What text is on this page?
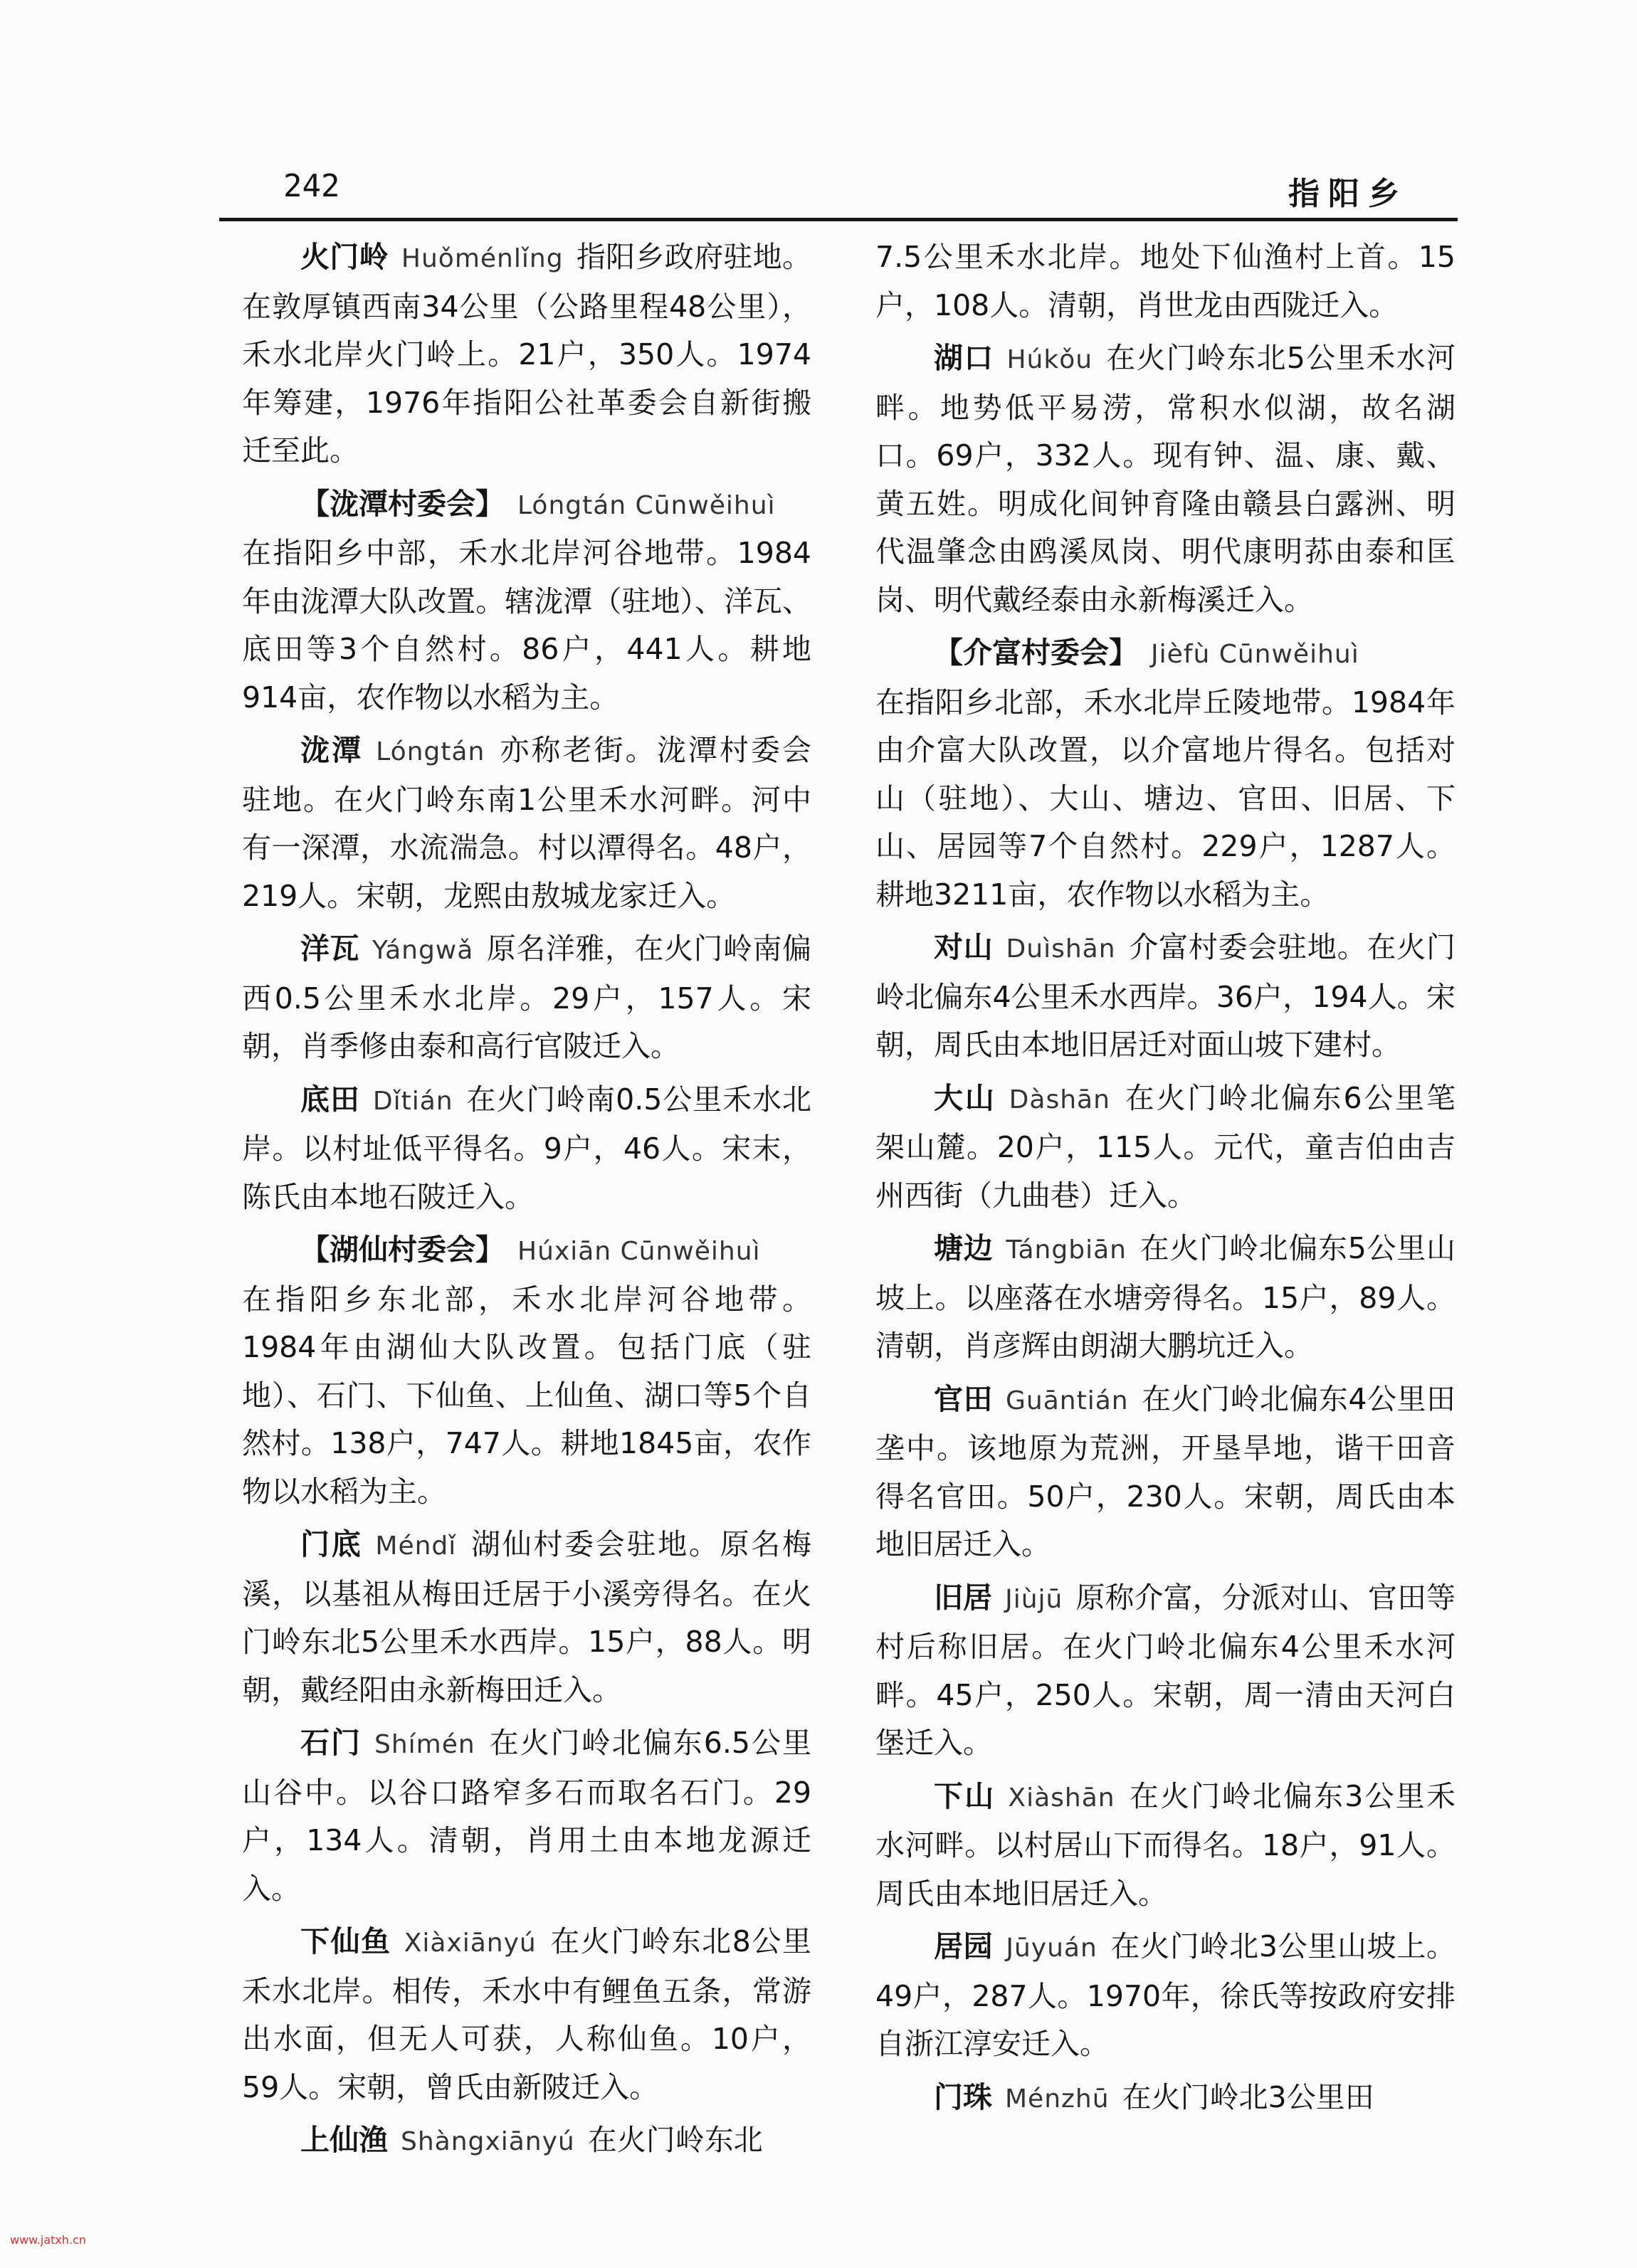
242	指阳乡

火门岭 Huǒménlǐng 指阳乡政府驻地。在敦厚镇西南34公里（公路里程48公里），禾水北岸火门岭上。21户，350人。1974年筹建，1976年指阳公社革委会自新街搬迁至此。

【泷潭村委会】 Lóngtán Cūnwěihuì

在指阳乡中部，禾水北岸河谷地带。1984年由泷潭大队改置。辖泷潭（驻地）、洋瓦、底田等3个自然村。86户，441人。耕地914亩，农作物以水稻为主。

泷潭 Lóngtán 亦称老街。泷潭村委会驻地。在火门岭东南1公里禾水河畔。河中有一深潭，水流湍急。村以潭得名。48户，219人。宋朝，龙熙由敖城龙家迁入。

洋瓦 Yángwǎ 原名洋雅，在火门岭南偏西0.5公里禾水北岸。29户，157人。宋朝，肖季修由泰和高行官陂迁入。

底田 Dǐtián 在火门岭南0.5公里禾水北岸。以村址低平得名。9户，46人。宋末，陈氏由本地石陂迁入。

【湖仙村委会】 Húxiān Cūnwěihuì

在指阳乡东北部，禾水北岸河谷地带。1984年由湖仙大队改置。包括门底（驻地）、石门、下仙鱼、上仙鱼、湖口等5个自然村。138户，747人。耕地1845亩，农作物以水稻为主。

门底 Méndǐ 湖仙村委会驻地。原名梅溪，以基祖从梅田迁居于小溪旁得名。在火门岭东北5公里禾水西岸。15户，88人。明朝，戴经阳由永新梅田迁入。

石门 Shímén 在火门岭北偏东6.5公里山谷中。以谷口路窄多石而取名石门。29户，134人。清朝，肖用土由本地龙源迁入。

下仙鱼 Xiàxiānyú 在火门岭东北8公里禾水北岸。相传，禾水中有鲤鱼五条，常游出水面，但无人可获，人称仙鱼。10户，59人。宋朝，曾氏由新陂迁入。

上仙渔 Shàngxiānyú 在火门岭东北

7.5公里禾水北岸。地处下仙渔村上首。15户，108人。清朝，肖世龙由西陇迁入。

湖口 Húkǒu 在火门岭东北5公里禾水河畔。地势低平易涝，常积水似湖，故名湖口。69户，332人。现有钟、温、康、戴、黄五姓。明成化间钟育隆由赣县白露洲、明代温肇念由鸥溪凤岗、明代康明荪由泰和匡岗、明代戴经泰由永新梅溪迁入。

【介富村委会】 Jièfù Cūnwěihuì

在指阳乡北部，禾水北岸丘陵地带。1984年由介富大队改置，以介富地片得名。包括对山（驻地）、大山、塘边、官田、旧居、下山、居园等7个自然村。229户，1287人。耕地3211亩，农作物以水稻为主。

对山 Duìshān 介富村委会驻地。在火门岭北偏东4公里禾水西岸。36户，194人。宋朝，周氏由本地旧居迁对面山坡下建村。

大山 Dàshān 在火门岭北偏东6公里笔架山麓。20户，115人。元代，童吉伯由吉州西街（九曲巷）迁入。

塘边 Tángbiān 在火门岭北偏东5公里山坡上。以座落在水塘旁得名。15户，89人。清朝，肖彦辉由朗湖大鹏坑迁入。

官田 Guāntián 在火门岭北偏东4公里田垄中。该地原为荒洲，开垦旱地，谐干田音得名官田。50户，230人。宋朝，周氏由本地旧居迁入。

旧居 Jiùjū 原称介富，分派对山、官田等村后称旧居。在火门岭北偏东4公里禾水河畔。45户，250人。宋朝，周一清由天河白堡迁入。

下山 Xiàshān 在火门岭北偏东3公里禾水河畔。以村居山下而得名。18户，91人。周氏由本地旧居迁入。

居园 Jūyuán 在火门岭北3公里山坡上。49户，287人。1970年，徐氏等按政府安排自浙江淳安迁入。

门珠 Ménzhū 在火门岭北3公里田

www.jatxh.cn
